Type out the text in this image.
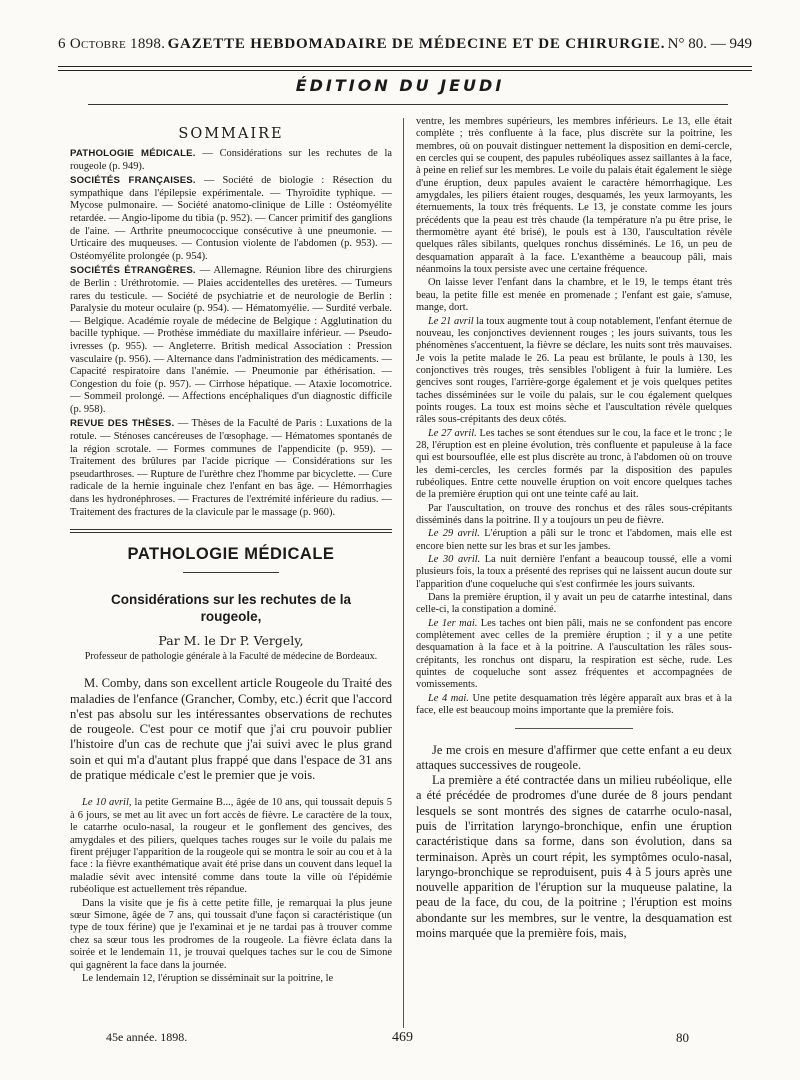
6 Octobre 1898. GAZETTE HEBDOMADAIRE DE MÉDECINE ET DE CHIRURGIE. N° 80. — 949
ÉDITION DU JEUDI
SOMMAIRE

PATHOLOGIE MÉDICALE. — Considérations sur les rechutes de la rougeole (p. 949).

SOCIÉTÉS FRANÇAISES. — Société de biologie : Résection du sympathique dans l'épilepsie expérimentale. — Thyroïdite typhique. — Mycose pulmonaire. — Société anatomo-clinique de Lille : Ostéomyélite retardée. — Angio-lipome du tibia (p. 952). — Cancer primitif des ganglions de l'aine. — Arthrite pneumococcique consécutive à une pneumonie. — Urticaire des muqueuses. — Contusion violente de l'abdomen (p. 953). — Ostéomyélite prolongée (p. 954).

SOCIÉTÉS ÉTRANGÈRES. — Allemagne. Réunion libre des chirurgiens de Berlin : Uréthrotomie. — Plaies accidentelles des uretères. — Tumeurs rares du testicule. — Société de psychiatrie et de neurologie de Berlin : Paralysie du moteur oculaire (p. 954). — Hématomyélie. — Surdité verbale. — Belgique. Académie royale de médecine de Belgique : Agglutination du bacille typhique. — Prothèse immédiate du maxillaire inférieur. — Pseudo-ivresses (p. 955). — Angleterre. British medical Association : Pression vasculaire (p. 956). — Alternance dans l'administration des médicaments. — Capacité respiratoire dans l'anémie. — Pneumonie par éthérisation. — Congestion du foie (p. 957). — Cirrhose hépatique. — Ataxie locomotrice. — Sommeil prolongé. — Affections encéphaliques d'un diagnostic difficile (p. 958).

REVUE DES THÈSES. — Thèses de la Faculté de Paris : Luxations de la rotule. — Sténoses cancéreuses de l'œsophage. — Hématomes spontanés de la région scrotale. — Formes communes de l'appendicite (p. 959). — Traitement des brûlures par l'acide picrique — Considérations sur les pseudarthroses. — Rupture de l'urèthre chez l'homme par bicyclette. — Cure radicale de la hernie inguinale chez l'enfant en bas âge. — Hémorrhagies dans les hydronéphroses. — Fractures de l'extrémité inférieure du radius. — Traitement des fractures de la clavicule par le massage (p. 960).

PATHOLOGIE MÉDICALE
Considérations sur les rechutes de la rougeole,
Par M. le Dr P. Vergely,
Professeur de pathologie générale à la Faculté de médecine de Bordeaux.

M. Comby, dans son excellent article Rougeole du Traité des maladies de l'enfance (Grancher, Comby, etc.) écrit que l'accord n'est pas absolu sur les intéressantes observations de rechutes de rougeole. C'est pour ce motif que j'ai cru pouvoir publier l'histoire d'un cas de rechute que j'ai suivi avec le plus grand soin et qui m'a d'autant plus frappé que dans l'espace de 31 ans de pratique médicale c'est le premier que je vois.

Le 10 avril, la petite Germaine B..., âgée de 10 ans, qui toussait depuis 5 à 6 jours, se met au lit avec un fort accès de fièvre. Le caractère de la toux, le catarrhe oculo-nasal, la rougeur et le gonflement des gencives, des amygdales et des piliers, quelques taches rouges sur le voile du palais me firent préjuger l'apparition de la rougeole qui se montra le soir au cou et à la face : la fièvre exanthématique avait été prise dans un couvent dans lequel la maladie sévit avec intensité comme dans toute la ville où l'épidémie rubéolique est actuellement très répandue.

Dans la visite que je fis à cette petite fille, je remarquai la plus jeune sœur Simone, âgée de 7 ans, qui toussait d'une façon si caractéristique (un type de toux férine) que je l'examinai et je ne tardai pas à trouver comme chez sa sœur tous les prodromes de la rougeole. La fièvre éclata dans la soirée et le lendemain 11, je trouvai quelques taches sur le cou de Simone qui gagnèrent la face dans la journée.

Le lendemain 12, l'éruption se disséminait sur la poitrine, le

ventre, les membres supérieurs, les membres inférieurs. Le 13, elle était complète ; très confluente à la face, plus discrète sur la poitrine, les membres, où on pouvait distinguer nettement la disposition en demi-cercle, en cercles qui se coupent, des papules rubéoliques assez saillantes à la face, à peine en relief sur les membres. Le voile du palais était également le siège d'une éruption, deux papules avaient le caractère hémorrhagique. Les amygdales, les piliers étaient rouges, desquamés, les yeux larmoyants, les éternuements, la toux très fréquents. Le 13, je constate comme les jours précédents que la peau est très chaude (la température n'a pu être prise, le thermomètre ayant été brisé), le pouls est à 130, l'auscultation révèle quelques râles sibilants, quelques ronchus disséminés. Le 16, un peu de desquamation apparaît à la face. L'exanthème a beaucoup pâli, mais néanmoins la toux persiste avec une certaine fréquence.

On laisse lever l'enfant dans la chambre, et le 19, le temps étant très beau, la petite fille est menée en promenade ; l'enfant est gaie, s'amuse, mange, dort.

Le 21 avril la toux augmente tout à coup notablement, l'enfant éternue de nouveau, les conjonctives deviennent rouges ; les jours suivants, tous les phénomènes s'accentuent, la fièvre se déclare, les nuits sont très mauvaises. Je vois la petite malade le 26. La peau est brûlante, le pouls à 130, les conjonctives très rouges, très sensibles l'obligent à fuir la lumière. Les gencives sont rouges, l'arrière-gorge également et je vois quelques petites taches disséminées sur le voile du palais, sur le cou également quelques points rouges. La toux est moins sèche et l'auscultation révèle quelques râles sous-crépitants des deux côtés.

Le 27 avril. Les taches se sont étendues sur le cou, la face et le tronc ; le 28, l'éruption est en pleine évolution, très confluente et papuleuse à la face qui est boursouflée, elle est plus discrète au tronc, à l'abdomen où on trouve les demi-cercles, les cercles formés par la disposition des papules rubéoliques. Entre cette nouvelle éruption on voit encore quelques taches de la première éruption qui ont une teinte café au lait.

Par l'auscultation, on trouve des ronchus et des râles sous-crépitants disséminés dans la poitrine. Il y a toujours un peu de fièvre.

Le 29 avril. L'éruption a pâli sur le tronc et l'abdomen, mais elle est encore bien nette sur les bras et sur les jambes.

Le 30 avril. La nuit dernière l'enfant a beaucoup toussé, elle a vomi plusieurs fois, la toux a présenté des reprises qui ne laissent aucun doute sur l'apparition d'une coqueluche qui s'est confirmée les jours suivants.

Dans la première éruption, il y avait un peu de catarrhe intestinal, dans celle-ci, la constipation a dominé.

Le 1er mai. Les taches ont bien pâli, mais ne se confondent pas encore complètement avec celles de la première éruption ; il y a une petite desquamation à la face et à la poitrine. A l'auscultation les râles sous-crépitants, les ronchus ont disparu, la respiration est sèche, rude. Les quintes de coqueluche sont assez fréquentes et accompagnées de vomissements.

Le 4 mai. Une petite desquamation très légère apparaît aux bras et à la face, elle est beaucoup moins importante que la première fois.

Je me crois en mesure d'affirmer que cette enfant a eu deux attaques successives de rougeole.

La première a été contractée dans un milieu rubéolique, elle a été précédée de prodromes d'une durée de 8 jours pendant lesquels se sont montrés des signes de catarrhe oculo-nasal, puis de l'irritation laryngo-bronchique, enfin une éruption caractéristique dans sa forme, dans son évolution, dans sa terminaison. Après un court répit, les symptômes oculo-nasal, laryngo-bronchique se reproduisent, puis 4 à 5 jours après une nouvelle apparition de l'éruption sur la muqueuse palatine, la peau de la face, du cou, de la poitrine ; l'éruption est moins abondante sur les membres, sur le ventre, la desquamation est moins marquée que la première fois, mais,

45e année. 1898.	469	80
